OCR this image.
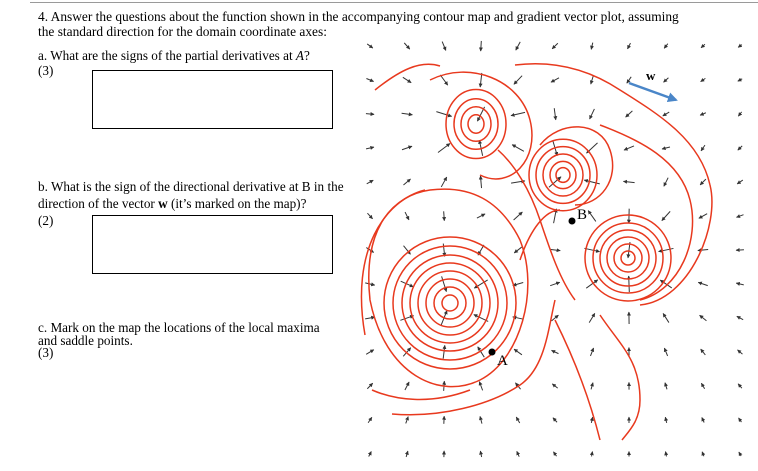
4. Answer the questions about the function shown in the accompanying contour map and gradient vector plot, assuming
the standard direction for the domain coordinate axes:
a. What are the signs of the partial derivatives at A?
(3)
b. What is the sign of the directional derivative at B in the
direction of the vector w (it’s marked on the map)?
(2)
c. Mark on the map the locations of the local maxima
and saddle points.
(3)
B
A
w
